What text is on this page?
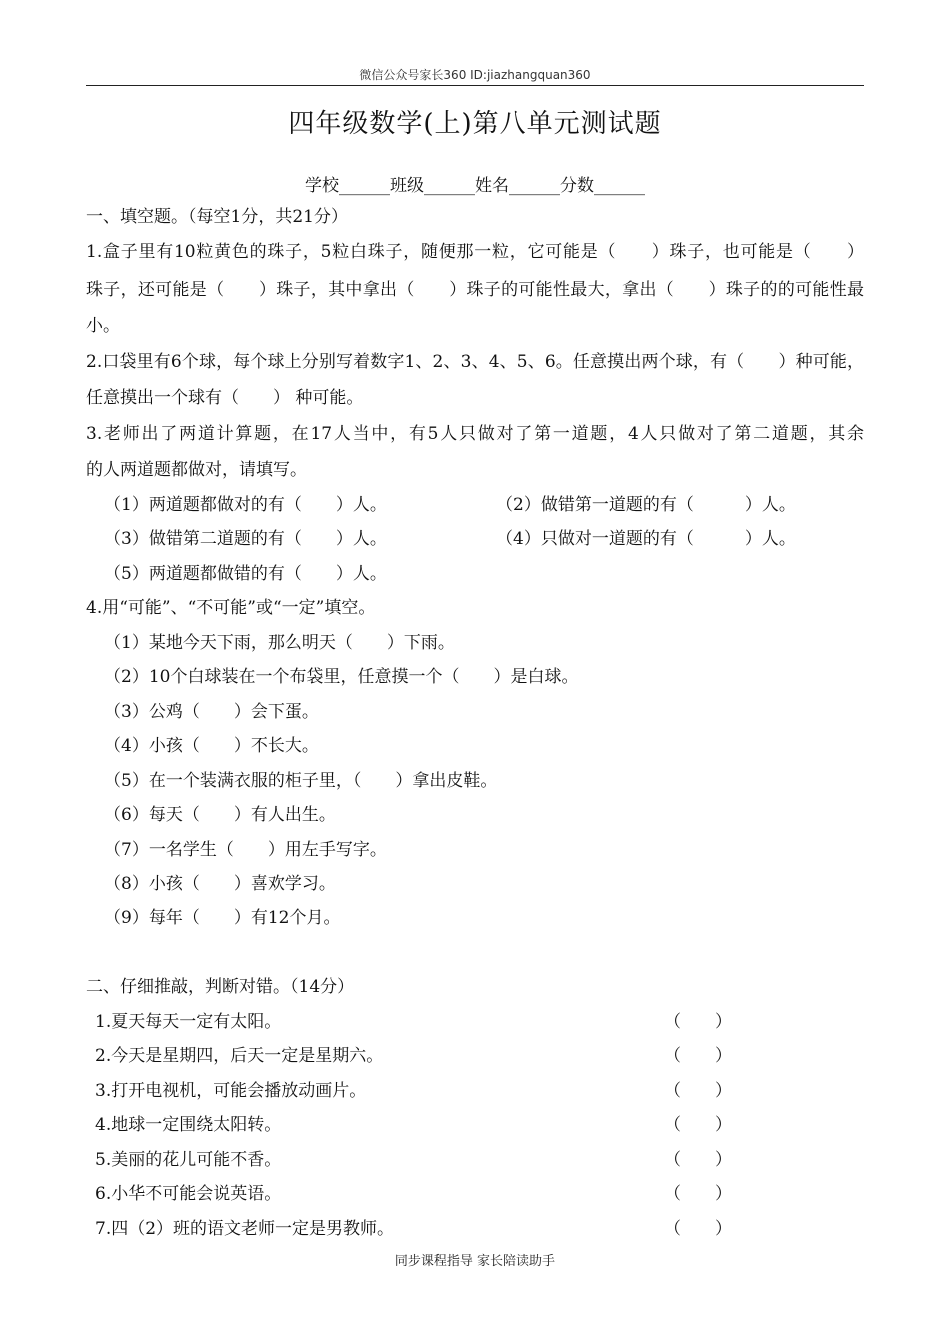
微信公众号家长360 ID:jiazhangquan360
四年级数学(上)第八单元测试题
学校______班级______姓名______分数______
一、填空题。（每空1分，共21分）
1.盒子里有10粒黄色的珠子，5粒白珠子，随便那一粒，它可能是（　　）珠子，也可能是（　　）
珠子，还可能是（　　）珠子，其中拿出（　　）珠子的可能性最大，拿出（　　）珠子的的可能性最
小。
2.口袋里有6个球，每个球上分别写着数字1、2、3、4、5、6。任意摸出两个球，有（　　）种可能，
任意摸出一个球有（　　） 种可能。
3.老师出了两道计算题，在17人当中，有5人只做对了第一道题，4人只做对了第二道题，其余
的人两道题都做对，请填写。
（1）两道题都做对的有（　　）人。	（2）做错第一道题的有（　　　）人。
（3）做错第二道题的有（　　）人。	（4）只做对一道题的有（　　　）人。
（5）两道题都做错的有（　　）人。
4.用“可能”、“不可能”或“一定”填空。
（1）某地今天下雨，那么明天（　　）下雨。
（2）10个白球装在一个布袋里，任意摸一个（　　）是白球。
（3）公鸡（　　）会下蛋。
（4）小孩（　　）不长大。
（5）在一个装满衣服的柜子里，（　　）拿出皮鞋。
（6）每天（　　）有人出生。
（7）一名学生（　　）用左手写字。
（8）小孩（　　）喜欢学习。
（9）每年（　　）有12个月。
二、仔细推敲，判断对错。（14分）
1.夏天每天一定有太阳。	（　　）
2.今天是星期四，后天一定是星期六。	（　　）
3.打开电视机，可能会播放动画片。	（　　）
4.地球一定围绕太阳转。	（　　）
5.美丽的花儿可能不香。	（　　）
6.小华不可能会说英语。	（　　）
7.四（2）班的语文老师一定是男教师。	（　　）
同步课程指导 家长陪读助手
